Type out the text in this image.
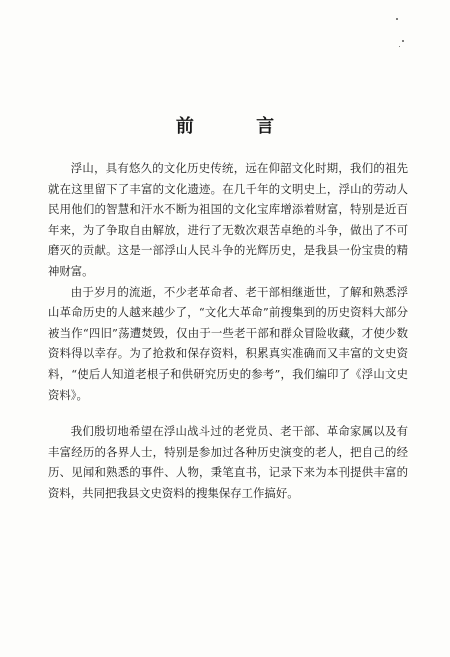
前 言

浮山，具有悠久的文化历史传统，远在仰韶文化时期，我们的祖先就在这里留下了丰富的文化遗迹。在几千年的文明史上，浮山的劳动人民用他们的智慧和汗水不断为祖国的文化宝库增添着财富，特别是近百年来，为了争取自由解放，进行了无数次艰苦卓绝的斗争，做出了不可磨灭的贡献。这是一部浮山人民斗争的光辉历史，是我县一份宝贵的精神财富。

由于岁月的流逝，不少老革命者、老干部相继逝世，了解和熟悉浮山革命历史的人越来越少了，“文化大革命”前搜集到的历史资料大部分被当作“四旧”荡遭焚毁，仅由于一些老干部和群众冒险收藏，才使少数资料得以幸存。为了抢救和保存资料，积累真实准确而又丰富的文史资料，“使后人知道老根子和供研究历史的参考”，我们编印了《浮山文史资料》。

我们殷切地希望在浮山战斗过的老党员、老干部、革命家属以及有丰富经历的各界人士，特别是参加过各种历史演变的老人，把自己的经历、见闻和熟悉的事件、人物，秉笔直书，记录下来为本刊提供丰富的资料，共同把我县文史资料的搜集保存工作搞好。
